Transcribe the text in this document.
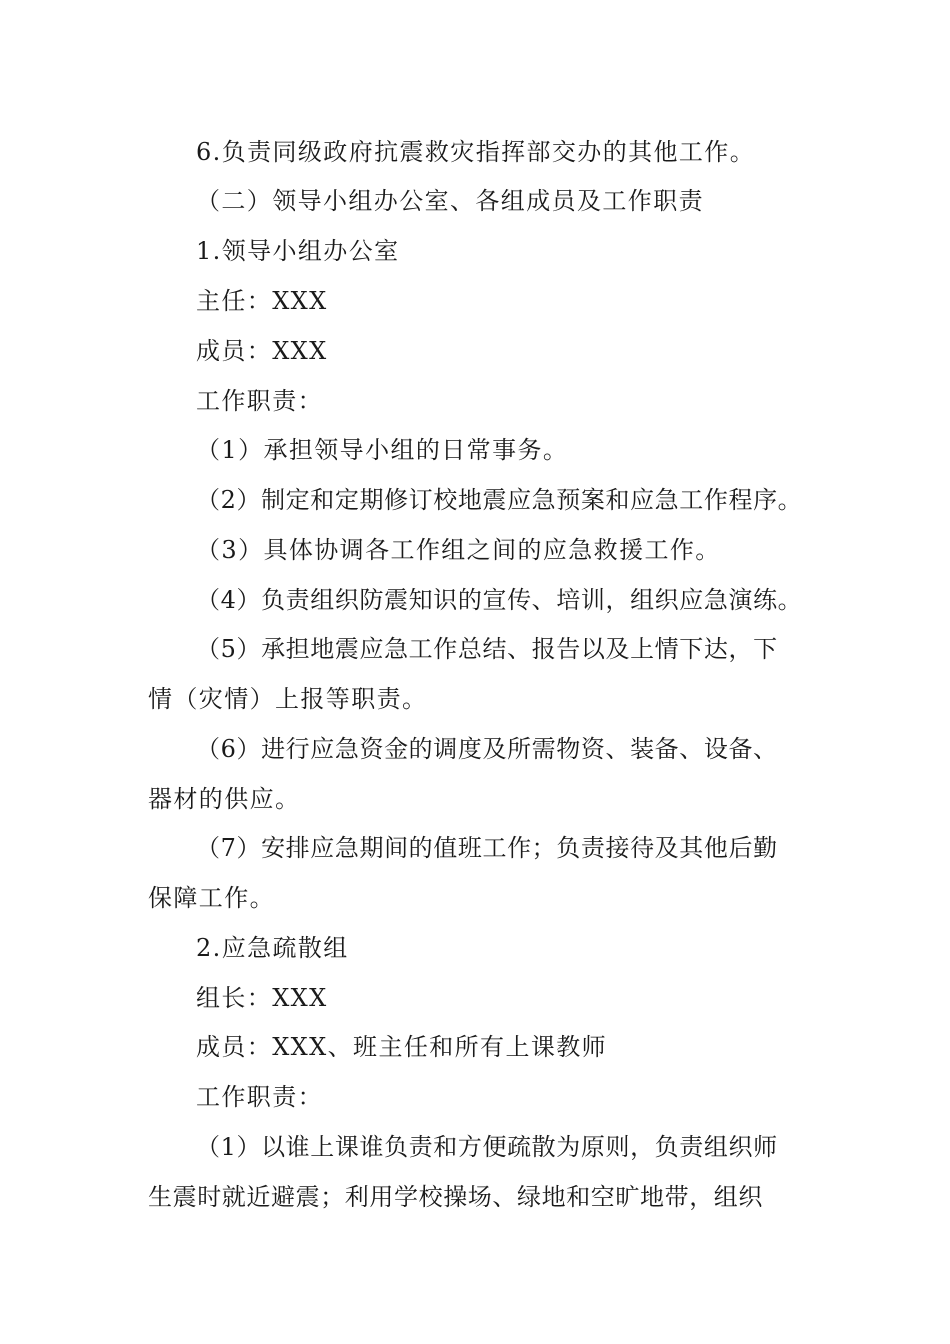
6.负责同级政府抗震救灾指挥部交办的其他工作。
（二）领导小组办公室、各组成员及工作职责
1.领导小组办公室
主任：XXX
成员：XXX
工作职责：
（1）承担领导小组的日常事务。
（2）制定和定期修订校地震应急预案和应急工作程序。
（3）具体协调各工作组之间的应急救援工作。
（4）负责组织防震知识的宣传、培训，组织应急演练。
（5）承担地震应急工作总结、报告以及上情下达，下
情（灾情）上报等职责。
（6）进行应急资金的调度及所需物资、装备、设备、
器材的供应。
（7）安排应急期间的值班工作；负责接待及其他后勤
保障工作。
2.应急疏散组
组长：XXX
成员：XXX、班主任和所有上课教师
工作职责：
（1）以谁上课谁负责和方便疏散为原则，负责组织师
生震时就近避震；利用学校操场、绿地和空旷地带，组织
